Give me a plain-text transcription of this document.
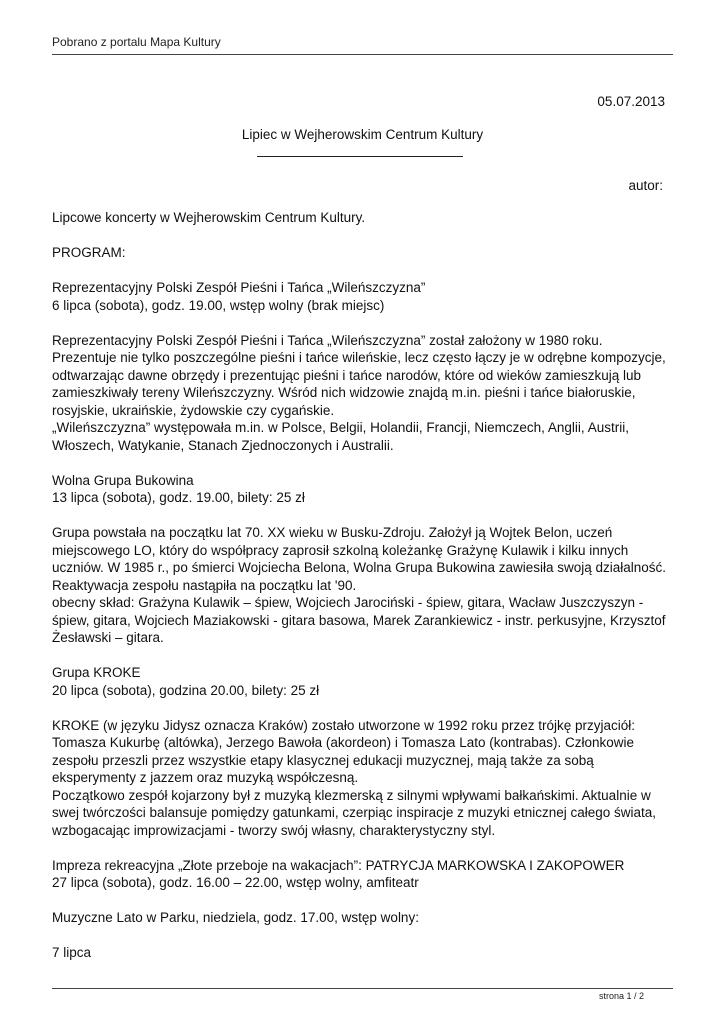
Pobrano z portalu Mapa Kultury
05.07.2013
Lipiec w Wejherowskim Centrum Kultury
autor:

Lipcowe koncerty w Wejherowskim Centrum Kultury.

PROGRAM:

Reprezentacyjny Polski Zespół Pieśni i Tańca „Wileńszczyzna”
6 lipca (sobota), godz. 19.00, wstęp wolny (brak miejsc)

Reprezentacyjny Polski Zespół Pieśni i Tańca „Wileńszczyzna” został założony w 1980 roku.
Prezentuje nie tylko poszczególne pieśni i tańce wileńskie, lecz często łączy je w odrębne kompozycje,
odtwarzając dawne obrzędy i prezentując pieśni i tańce narodów, które od wieków zamieszkują lub
zamieszkiwały tereny Wileńszczyzny. Wśród nich widzowie znajdą m.in. pieśni i tańce białoruskie,
rosyjskie, ukraińskie, żydowskie czy cygańskie.
„Wileńszczyzna” występowała m.in. w Polsce, Belgii, Holandii, Francji, Niemczech, Anglii, Austrii,
Włoszech, Watykanie, Stanach Zjednoczonych i Australii.

Wolna Grupa Bukowina
13 lipca (sobota), godz. 19.00, bilety: 25 zł

Grupa powstała na początku lat 70. XX wieku w Busku-Zdroju. Założył ją Wojtek Belon, uczeń
miejscowego LO, który do współpracy zaprosił szkolną koleżankę Grażynę Kulawik i kilku innych
uczniów. W 1985 r., po śmierci Wojciecha Belona, Wolna Grupa Bukowina zawiesiła swoją działalność.
Reaktywacja zespołu nastąpiła na początku lat '90.
obecny skład: Grażyna Kulawik – śpiew, Wojciech Jarociński - śpiew, gitara, Wacław Juszczyszyn -
śpiew, gitara, Wojciech Maziakowski - gitara basowa, Marek Zarankiewicz - instr. perkusyjne, Krzysztof
Żesławski – gitara.

Grupa KROKE
20 lipca (sobota), godzina 20.00, bilety: 25 zł

KROKE (w języku Jidysz oznacza Kraków) zostało utworzone w 1992 roku przez trójkę przyjaciół:
Tomasza Kukurbę (altówka), Jerzego Bawoła (akordeon) i Tomasza Lato (kontrabas). Członkowie
zespołu przeszli przez wszystkie etapy klasycznej edukacji muzycznej, mają także za sobą
eksperymenty z jazzem oraz muzyką współczesną.
Początkowo zespół kojarzony był z muzyką klezmerską z silnymi wpływami bałkańskimi. Aktualnie w
swej twórczości balansuje pomiędzy gatunkami, czerpiąc inspiracje z muzyki etnicznej całego świata,
wzbogacając improwizacjami - tworzy swój własny, charakterystyczny styl.

Impreza rekreacyjna „Złote przeboje na wakacjach”: PATRYCJA MARKOWSKA I ZAKOPOWER
27 lipca (sobota), godz. 16.00 – 22.00, wstęp wolny, amfiteatr

Muzyczne Lato w Parku, niedziela, godz. 17.00, wstęp wolny:

7 lipca

strona 1 / 2
